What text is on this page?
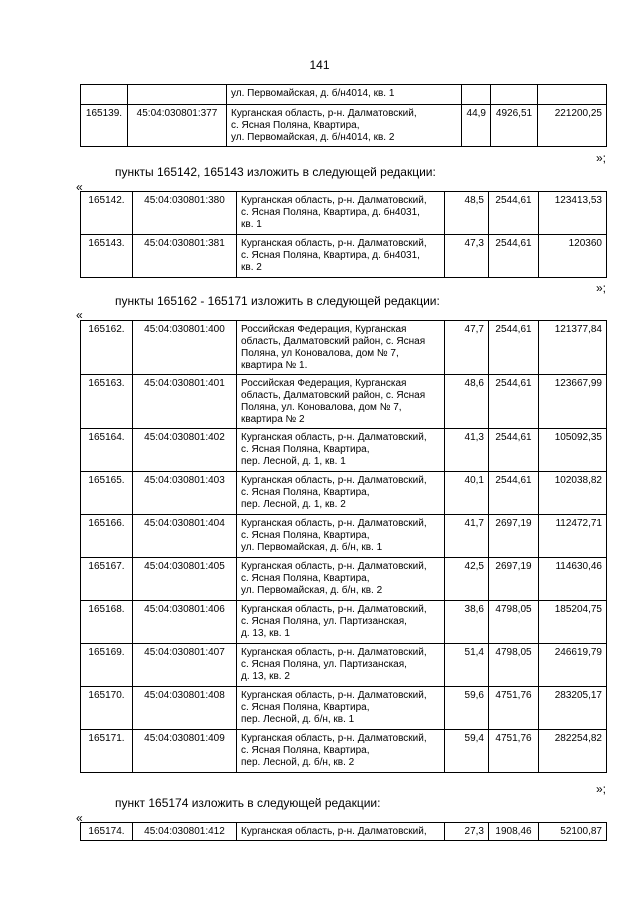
141

		ул. Первомайская, д. б/н4014, кв. 1			

165139.	45:04:030801:377	Курганская область, р-н. Далматовский,
с. Ясная Поляна, Квартира,
ул. Первомайская, д. б/н4014, кв. 2	44,9	4926,51	221200,25
»;
пункты 165142, 165143 изложить в следующей редакции:
«
165142.	45:04:030801:380	Курганская область, р-н. Далматовский,
с. Ясная Поляна, Квартира, д. бн4031,
кв. 1	48,5	2544,61	123413,53
165143.	45:04:030801:381	Курганская область, р-н. Далматовский,
с. Ясная Поляна, Квартира, д. бн4031,
кв. 2	47,3	2544,61	120360
»;
пункты 165162 - 165171 изложить в следующей редакции:
«
165162.	45:04:030801:400	Российская Федерация, Курганская
область, Далматовский район, с. Ясная
Поляна, ул Коновалова, дом № 7,
квартира № 1.	47,7	2544,61	121377,84
165163.	45:04:030801:401	Российская Федерация, Курганская
область, Далматовский район, с. Ясная
Поляна, ул. Коновалова, дом № 7,
квартира № 2	48,6	2544,61	123667,99
165164.	45:04:030801:402	Курганская область, р-н. Далматовский,
с. Ясная Поляна, Квартира,
пер. Лесной, д. 1, кв. 1	41,3	2544,61	105092,35
165165.	45:04:030801:403	Курганская область, р-н. Далматовский,
с. Ясная Поляна, Квартира,
пер. Лесной, д. 1, кв. 2	40,1	2544,61	102038,82
165166.	45:04:030801:404	Курганская область, р-н. Далматовский,
с. Ясная Поляна, Квартира,
ул. Первомайская, д. б/н, кв. 1	41,7	2697,19	112472,71
165167.	45:04:030801:405	Курганская область, р-н. Далматовский,
с. Ясная Поляна, Квартира,
ул. Первомайская, д. б/н, кв. 2	42,5	2697,19	114630,46
165168.	45:04:030801:406	Курганская область, р-н. Далматовский,
с. Ясная Поляна, ул. Партизанская,
д. 13, кв. 1	38,6	4798,05	185204,75
165169.	45:04:030801:407	Курганская область, р-н. Далматовский,
с. Ясная Поляна, ул. Партизанская,
д. 13, кв. 2	51,4	4798,05	246619,79
165170.	45:04:030801:408	Курганская область, р-н. Далматовский,
с. Ясная Поляна, Квартира,
пер. Лесной, д. б/н, кв. 1	59,6	4751,76	283205,17
165171.	45:04:030801:409	Курганская область, р-н. Далматовский,
с. Ясная Поляна, Квартира,
пер. Лесной, д. б/н, кв. 2	59,4	4751,76	282254,82
»;
пункт 165174 изложить в следующей редакции:
«
165174.	45:04:030801:412	Курганская область, р-н. Далматовский,	27,3	1908,46	52100,87
